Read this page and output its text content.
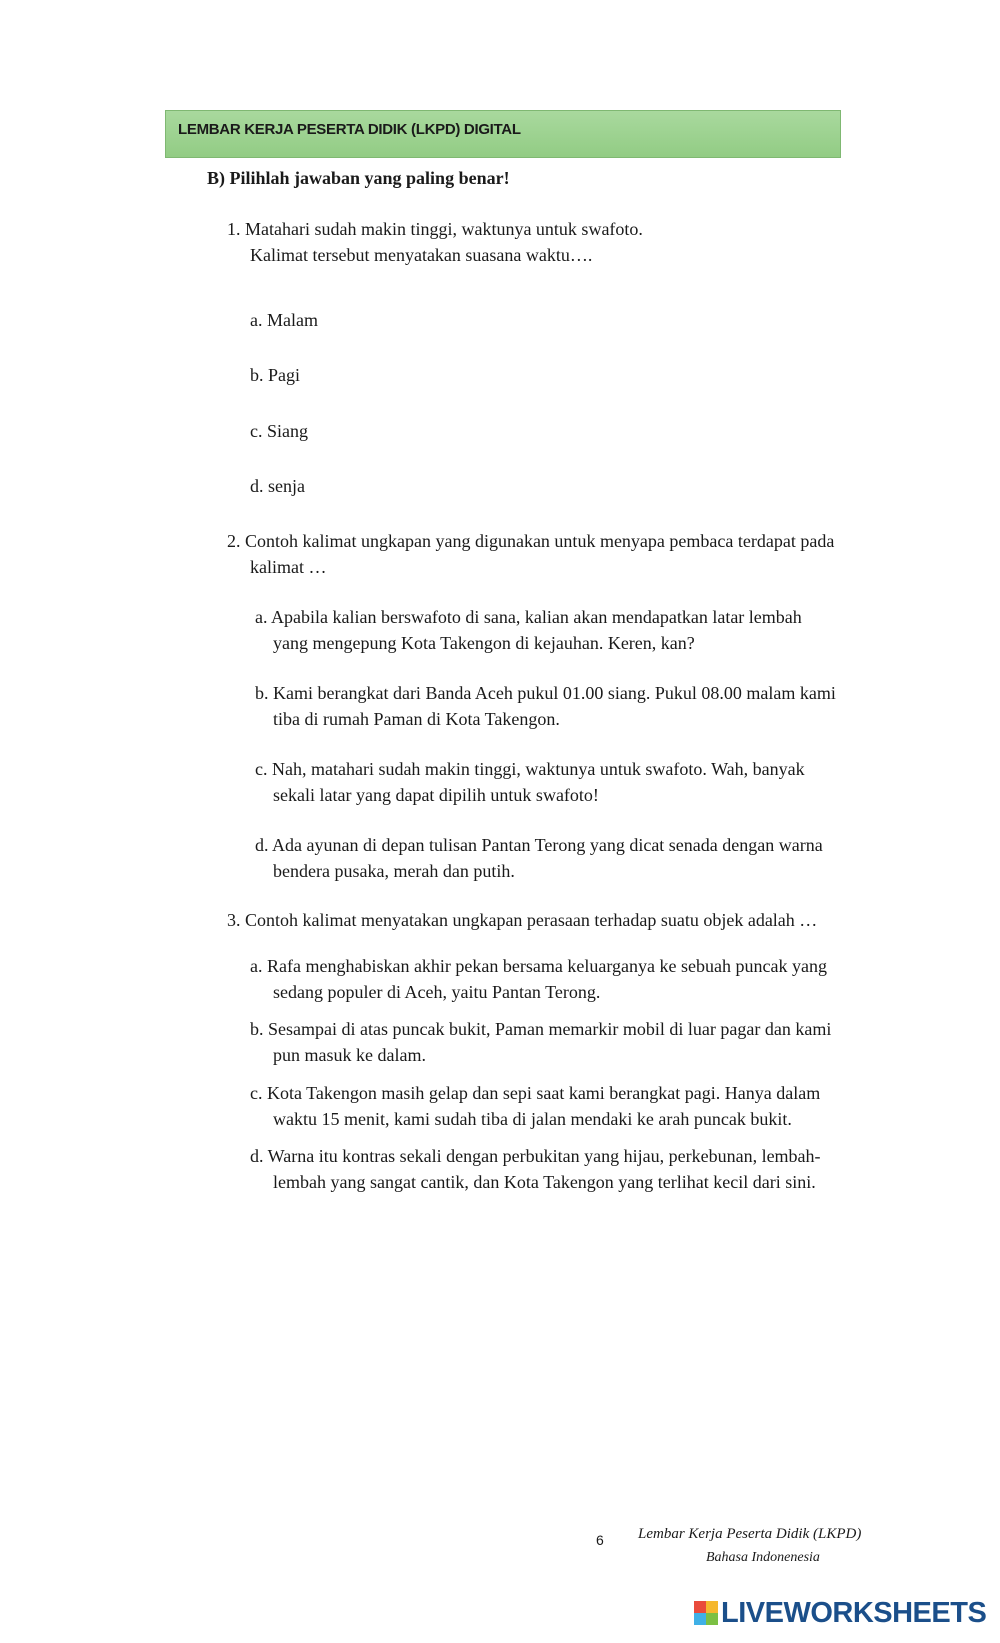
LEMBAR KERJA PESERTA DIDIK (LKPD) DIGITAL
B) Pilihlah jawaban yang paling benar!
1. Matahari sudah makin tinggi, waktunya untuk swafoto.
Kalimat tersebut menyatakan suasana waktu….
a. Malam
b. Pagi
c. Siang
d. senja
2. Contoh kalimat ungkapan yang digunakan untuk menyapa pembaca terdapat pada
kalimat …
a. Apabila kalian berswafoto di sana, kalian akan mendapatkan latar lembah
yang mengepung Kota Takengon di kejauhan. Keren, kan?
b. Kami berangkat dari Banda Aceh pukul 01.00 siang. Pukul 08.00 malam kami
tiba di rumah Paman di Kota Takengon.
c. Nah, matahari sudah makin tinggi, waktunya untuk swafoto. Wah, banyak
sekali latar yang dapat dipilih untuk swafoto!
d. Ada ayunan di depan tulisan Pantan Terong yang dicat senada dengan warna
bendera pusaka, merah dan putih.
3. Contoh kalimat menyatakan ungkapan perasaan terhadap suatu objek adalah …
a. Rafa menghabiskan akhir pekan bersama keluarganya ke sebuah puncak yang
sedang populer di Aceh, yaitu Pantan Terong.
b. Sesampai di atas puncak bukit, Paman memarkir mobil di luar pagar dan kami
pun masuk ke dalam.
c. Kota Takengon masih gelap dan sepi saat kami berangkat pagi. Hanya dalam
waktu 15 menit, kami sudah tiba di jalan mendaki ke arah puncak bukit.
d. Warna itu kontras sekali dengan perbukitan yang hijau, perkebunan, lembah-
lembah yang sangat cantik, dan Kota Takengon yang terlihat kecil dari sini.
6 Lembar Kerja Peserta Didik (LKPD)
Bahasa Indonenesia
LIVEWORKSHEETS
